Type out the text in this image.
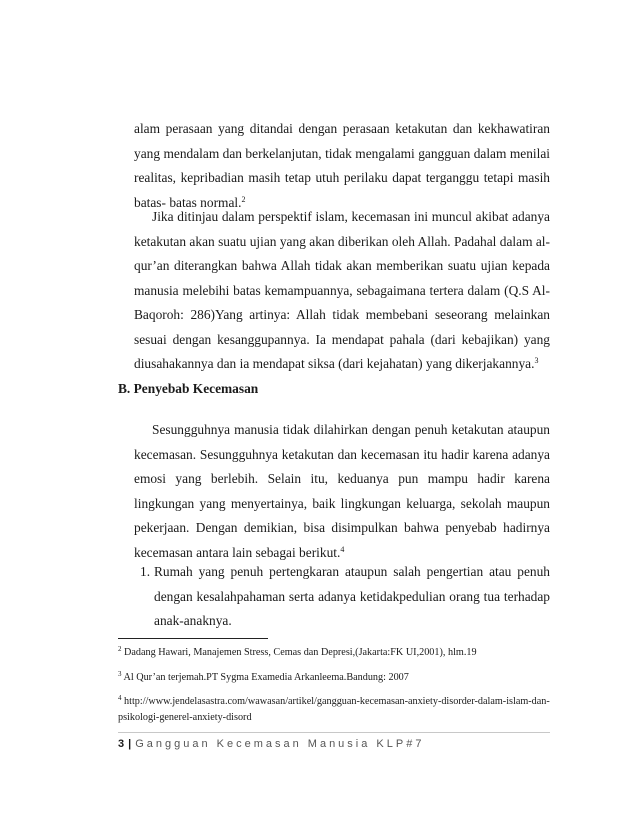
alam perasaan yang ditandai dengan perasaan ketakutan dan kekhawatiran yang mendalam dan berkelanjutan, tidak mengalami gangguan dalam menilai realitas, kepribadian masih tetap utuh perilaku dapat terganggu tetapi masih batas- batas normal.$^2$

Jika ditinjau dalam perspektif islam, kecemasan ini muncul akibat adanya ketakutan akan suatu ujian yang akan diberikan oleh Allah. Padahal dalam al-qur’an diterangkan bahwa Allah tidak akan memberikan suatu ujian kepada manusia melebihi batas kemampuannya, sebagaimana tertera dalam (Q.S Al-Baqoroh: 286)Yang artinya: Allah tidak membebani seseorang melainkan sesuai dengan kesanggupannya. Ia mendapat pahala (dari kebajikan) yang diusahakannya dan ia mendapat siksa (dari kejahatan) yang dikerjakannya.$^3$

B. Penyebab Kecemasan

Sesungguhnya manusia tidak dilahirkan dengan penuh ketakutan ataupun kecemasan. Sesungguhnya ketakutan dan kecemasan itu hadir karena adanya emosi yang berlebih. Selain itu, keduanya pun mampu hadir karena lingkungan yang menyertainya, baik lingkungan keluarga, sekolah maupun pekerjaan. Dengan demikian, bisa disimpulkan bahwa penyebab hadirnya kecemasan antara lain sebagai berikut.$^4$

1. Rumah yang penuh pertengkaran ataupun salah pengertian atau penuh dengan kesalahpahaman serta adanya ketidakpedulian orang tua terhadap anak-anaknya.

$^2$ Dadang Hawari, Manajemen Stress, Cemas dan Depresi,(Jakarta:FK UI,2001), hlm.19

$^3$ Al Qur’an terjemah.PT Sygma Examedia Arkanleema.Bandung: 2007

$^4$ http://www.jendelasastra.com/wawasan/artikel/gangguan-kecemasan-anxiety-disorder-dalam-islam-dan-psikologi-generel-anxiety-disord

3 | Gangguan Kecemasan Manusia KLP#7
